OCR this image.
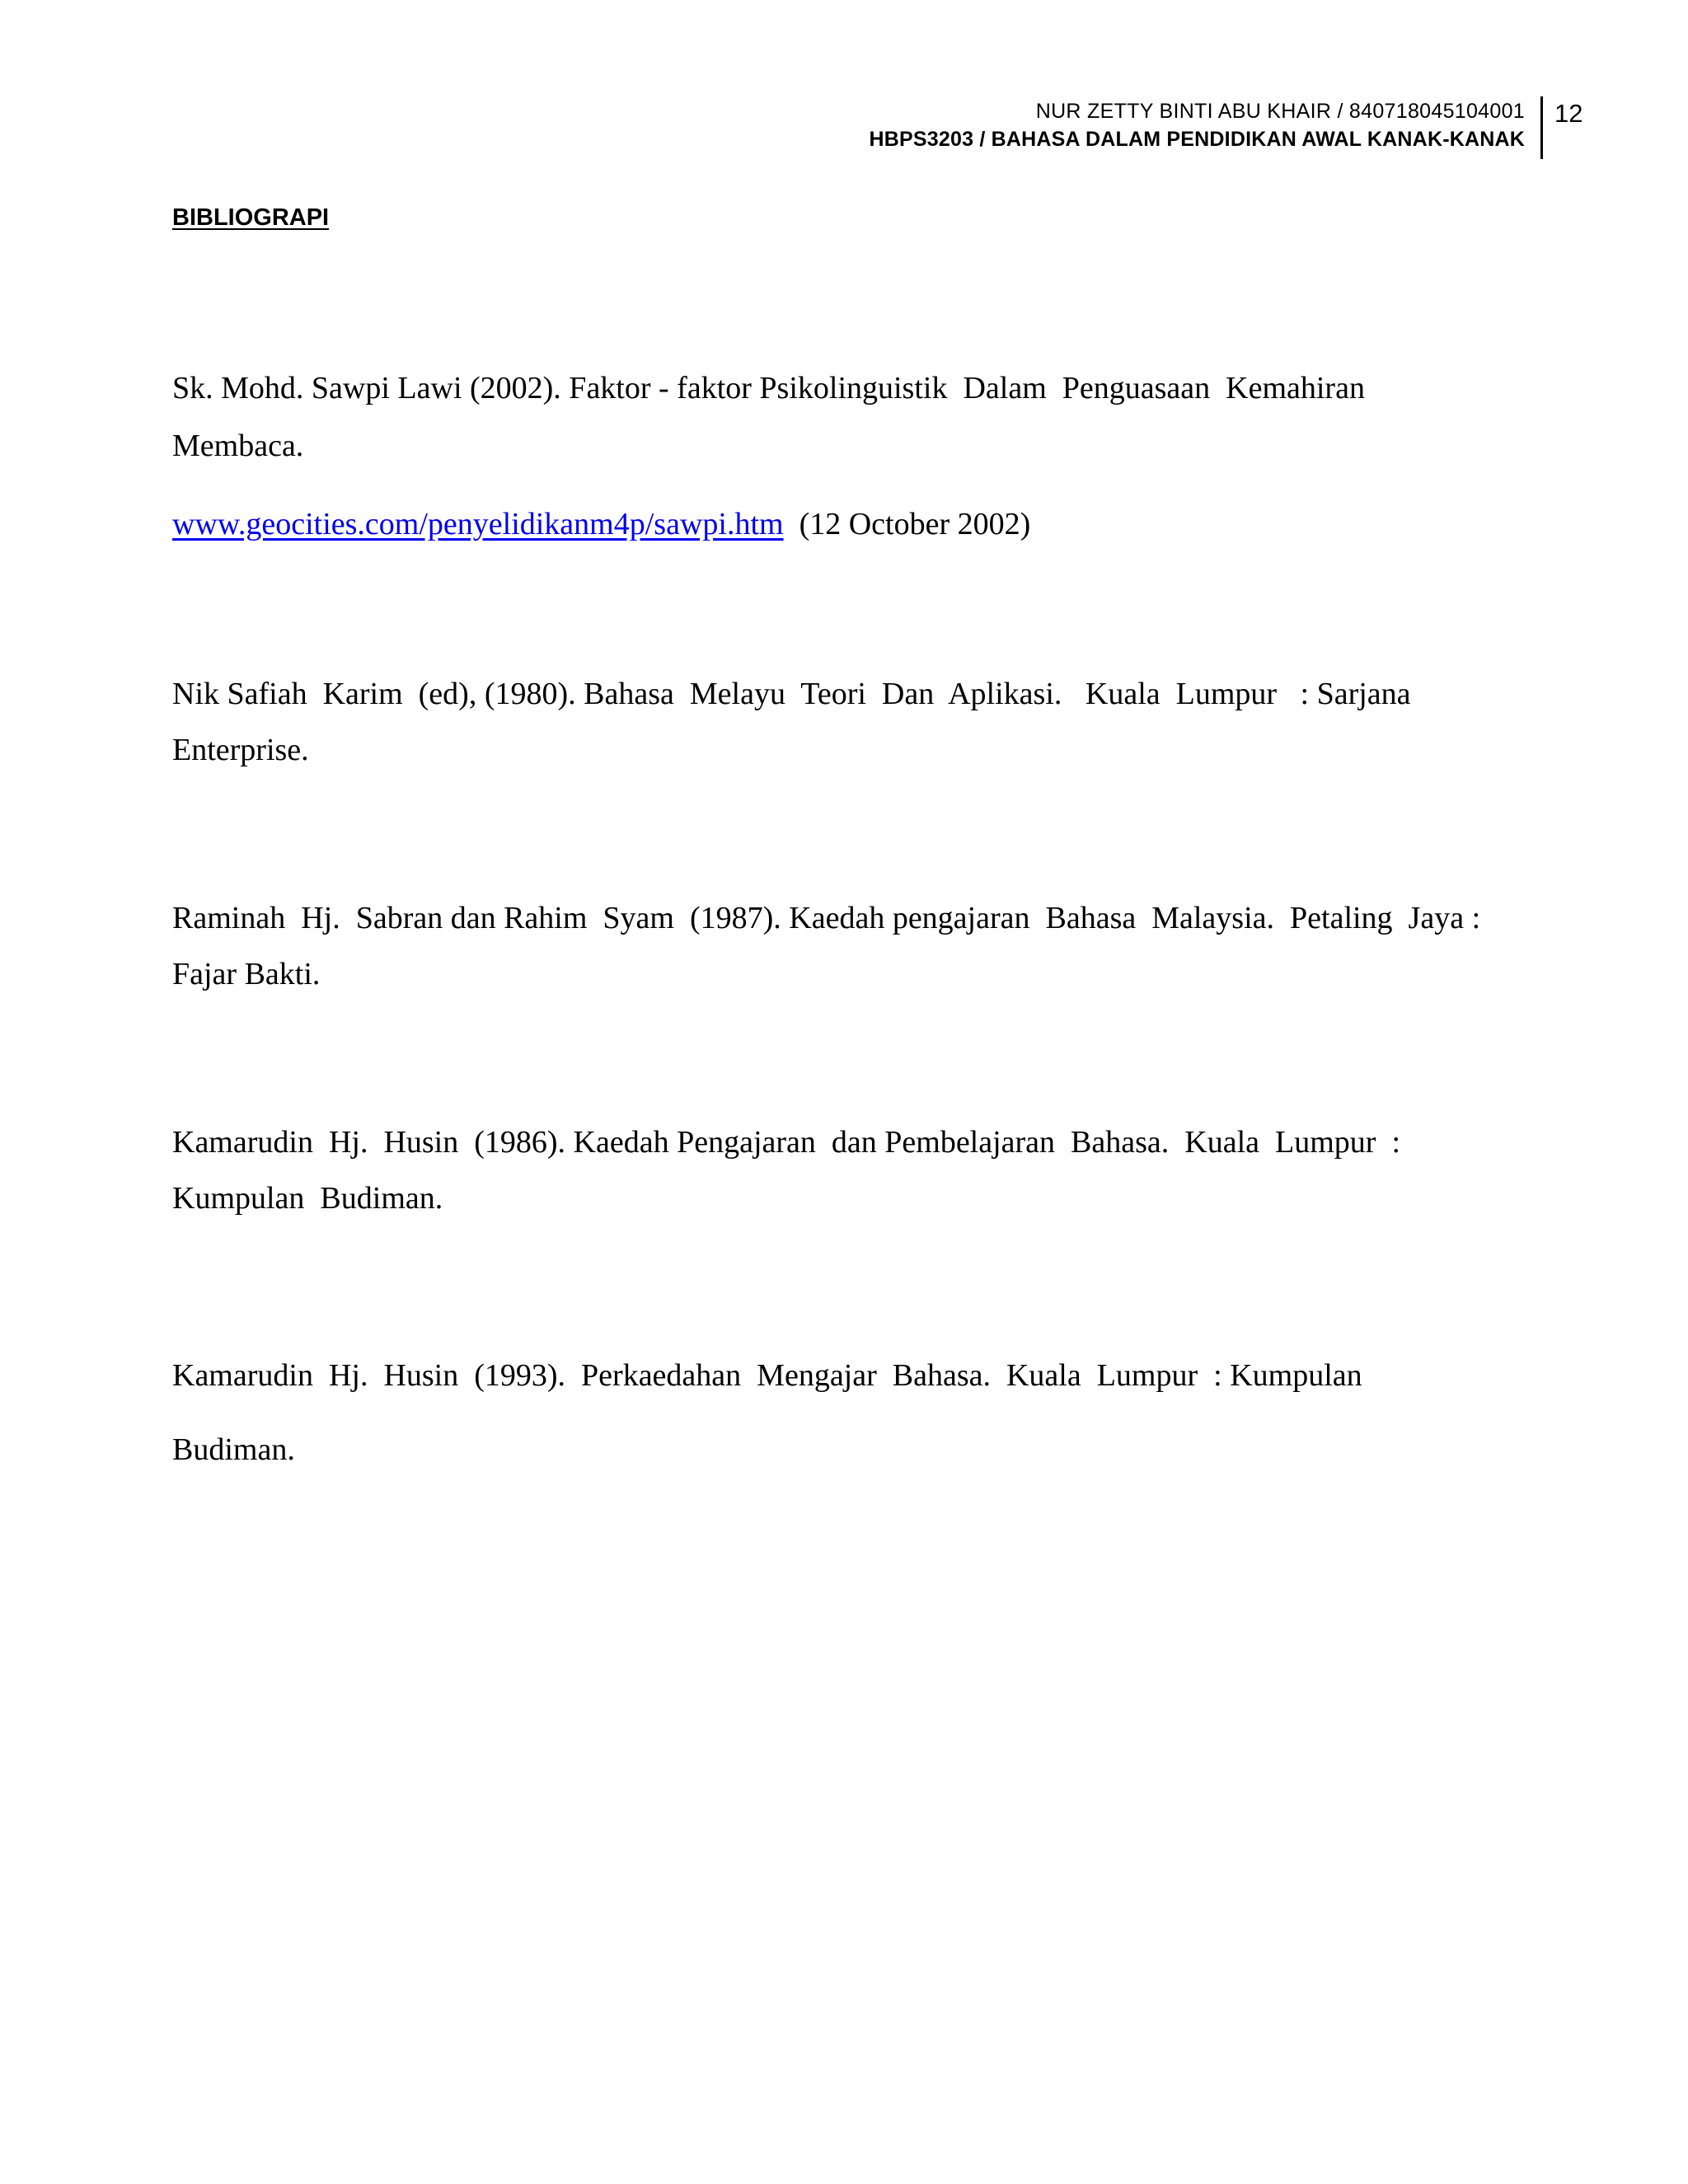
NUR ZETTY BINTI ABU KHAIR / 840718045104001
HBPS3203 / BAHASA DALAM PENDIDIKAN AWAL KANAK-KANAK
12
BIBLIOGRAPI
Sk. Mohd. Sawpi Lawi (2002). Faktor - faktor Psikolinguistik  Dalam  Penguasaan  Kemahiran
Membaca.
www.geocities.com/penyelidikanm4p/sawpi.htm  (12 October 2002)
Nik Safiah  Karim  (ed), (1980). Bahasa  Melayu  Teori  Dan  Aplikasi.   Kuala  Lumpur   : Sarjana
Enterprise.
Raminah  Hj.  Sabran dan Rahim  Syam  (1987). Kaedah pengajaran  Bahasa  Malaysia.  Petaling  Jaya :
Fajar Bakti.
Kamarudin  Hj.  Husin  (1986). Kaedah Pengajaran  dan Pembelajaran  Bahasa.  Kuala  Lumpur  :
Kumpulan  Budiman.
Kamarudin  Hj.  Husin  (1993).  Perkaedahan  Mengajar  Bahasa.  Kuala  Lumpur  : Kumpulan
Budiman.
